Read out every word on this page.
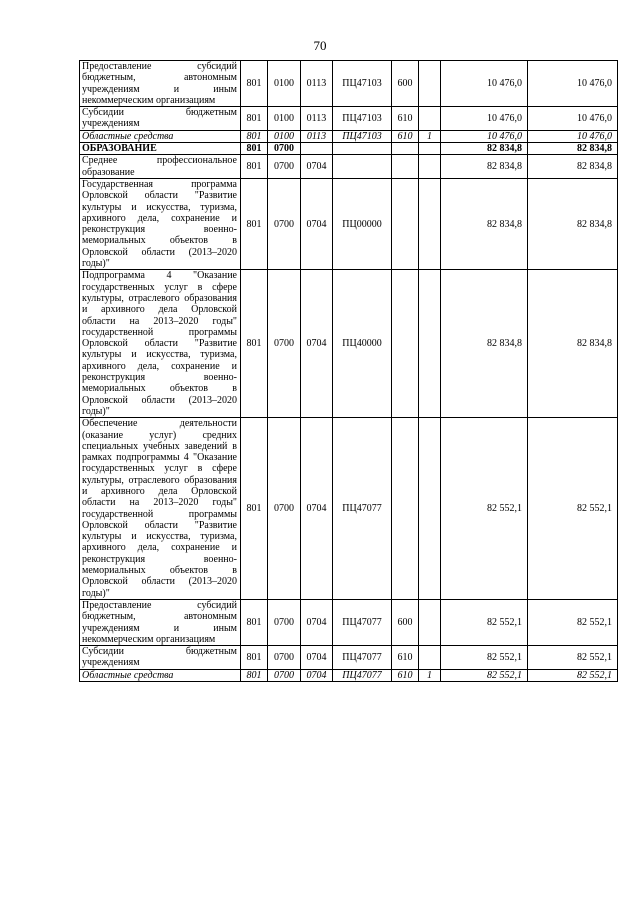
70
Предоставление субсидий бюджетным, автономным учреждениям и иным некоммерческим организациям	801	0100	0113	ПЦ47103	600		10 476,0	10 476,0
Субсидии бюджетным учреждениям	801	0100	0113	ПЦ47103	610		10 476,0	10 476,0
Областные средства	801	0100	0113	ПЦ47103	610	1	10 476,0	10 476,0
ОБРАЗОВАНИЕ	801	0700					82 834,8	82 834,8
Среднее профессиональное образование	801	0700	0704				82 834,8	82 834,8
Государственная программа Орловской области "Развитие культуры и искусства, туризма, архивного дела, сохранение и реконструкция военно-мемориальных объектов в Орловской области (2013–2020 годы)"	801	0700	0704	ПЦ00000			82 834,8	82 834,8
Подпрограмма 4 "Оказание государственных услуг в сфере культуры, отраслевого образования и архивного дела Орловской области на 2013–2020 годы" государственной программы Орловской области "Развитие культуры и искусства, туризма, архивного дела, сохранение и реконструкция военно-мемориальных объектов в Орловской области (2013–2020 годы)"	801	0700	0704	ПЦ40000			82 834,8	82 834,8
Обеспечение деятельности (оказание услуг) средних специальных учебных заведений в рамках подпрограммы 4 "Оказание государственных услуг в сфере культуры, отраслевого образования и архивного дела Орловской области на 2013–2020 годы" государственной программы Орловской области "Развитие культуры и искусства, туризма, архивного дела, сохранение и реконструкция военно-мемориальных объектов в Орловской области (2013–2020 годы)"	801	0700	0704	ПЦ47077			82 552,1	82 552,1
Предоставление субсидий бюджетным, автономным учреждениям и иным некоммерческим организациям	801	0700	0704	ПЦ47077	600		82 552,1	82 552,1
Субсидии бюджетным учреждениям	801	0700	0704	ПЦ47077	610		82 552,1	82 552,1
Областные средства	801	0700	0704	ПЦ47077	610	1	82 552,1	82 552,1
